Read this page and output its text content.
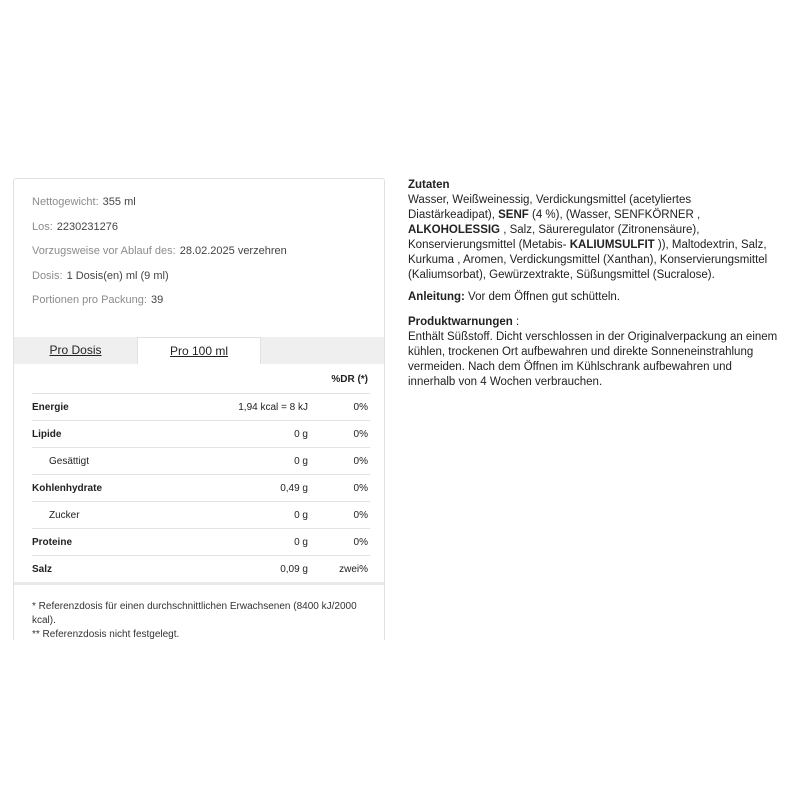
Nettogewicht: 355 ml
Los: 2230231276
Vorzugsweise vor Ablauf des: 28.02.2025 verzehren
Dosis: 1 Dosis(en) ml (9 ml)
Portionen pro Packung: 39
Pro Dosis	Pro 100 ml
%DR (*)
Energie	1,94 kcal = 8 kJ	0%
Lipide	0 g	0%
Gesättigt	0 g	0%
Kohlenhydrate	0,49 g	0%
Zucker	0 g	0%
Proteine	0 g	0%
Salz	0,09 g	zwei%
* Referenzdosis für einen durchschnittlichen Erwachsenen (8400 kJ/2000 kcal).
** Referenzdosis nicht festgelegt.

Zutaten

Wasser, Weißweinessig, Verdickungsmittel (acetyliertes Diastärkeadipat), SENF (4 %), (Wasser, SENFKÖRNER , ALKOHOLESSIG , Salz, Säureregulator (Zitronensäure), Konservierungsmittel (Metabis- KALIUMSULFIT )), Maltodextrin, Salz, Kurkuma , Aromen, Verdickungsmittel (Xanthan), Konservierungsmittel (Kaliumsorbat), Gewürzextrakte, Süßungsmittel (Sucralose).

Anleitung: Vor dem Öffnen gut schütteln.

Produktwarnungen :

Enthält Süßstoff. Dicht verschlossen in der Originalverpackung an einem kühlen, trockenen Ort aufbewahren und direkte Sonneneinstrahlung vermeiden. Nach dem Öffnen im Kühlschrank aufbewahren und innerhalb von 4 Wochen verbrauchen.
